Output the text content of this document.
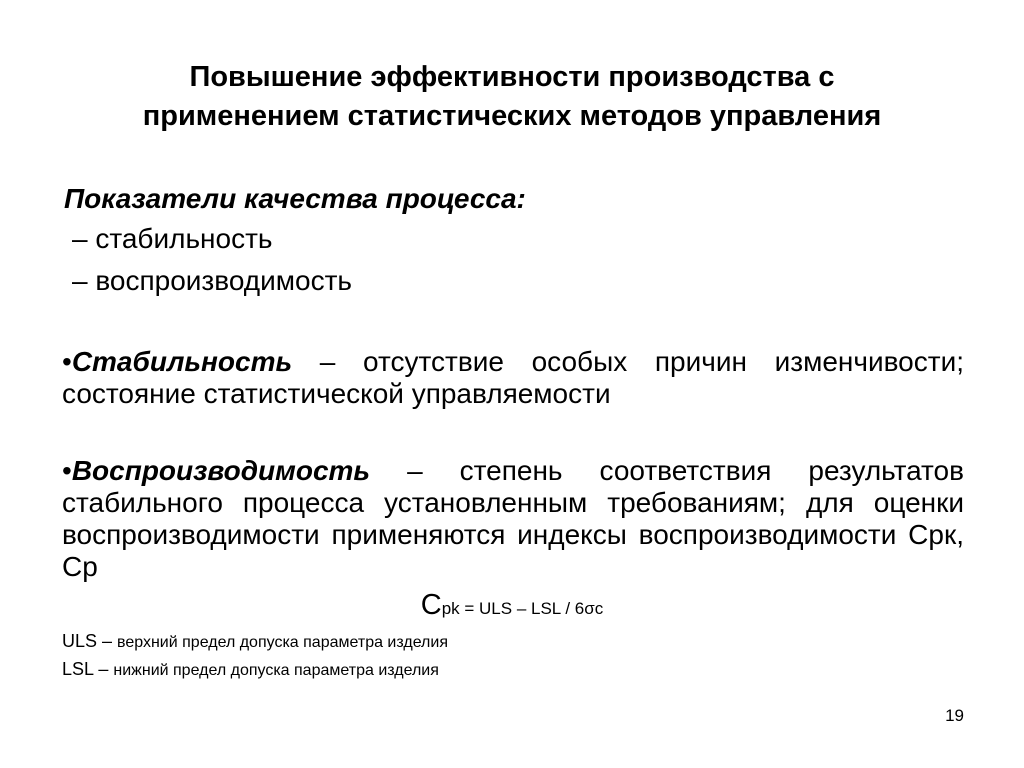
Повышение эффективности производства с
применением статистических методов управления
Показатели качества процесса:
– стабильность
– воспроизводимость
•Стабильность – отсутствие особых причин изменчивости; состояние статистической управляемости
•Воспроизводимость – степень соответствия результатов стабильного процесса установленным требованиям; для оценки воспроизводимости применяются индексы воспроизводимости Срк, Ср
Сpk = ULS – LSL / 6σс
ULS – верхний предел допуска параметра изделия
LSL – нижний предел допуска параметра изделия
19
